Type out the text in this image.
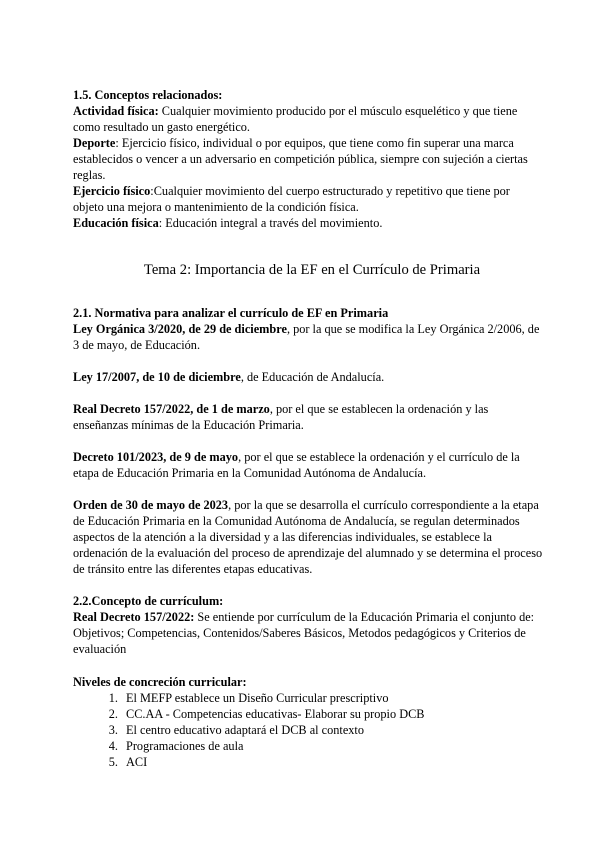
1.5. Conceptos relacionados:

Actividad física: Cualquier movimiento producido por el músculo esquelético y que tiene como resultado un gasto energético.

Deporte: Ejercicio físico, individual o por equipos, que tiene como fin superar una marca establecidos o vencer a un adversario en competición pública, siempre con sujeción a ciertas reglas.

Ejercicio físico:Cualquier movimiento del cuerpo estructurado y repetitivo que tiene por objeto una mejora o mantenimiento de la condición física.

Educación física: Educación integral a través del movimiento.

Tema 2: Importancia de la EF en el Currículo de Primaria

2.1. Normativa para analizar el currículo de EF en Primaria

Ley Orgánica 3/2020, de 29 de diciembre, por la que se modifica la Ley Orgánica 2/2006, de 3 de mayo, de Educación.

Ley 17/2007, de 10 de diciembre, de Educación de Andalucía.

Real Decreto 157/2022, de 1 de marzo, por el que se establecen la ordenación y las enseñanzas mínimas de la Educación Primaria.

Decreto 101/2023, de 9 de mayo, por el que se establece la ordenación y el currículo de la etapa de Educación Primaria en la Comunidad Autónoma de Andalucía.

Orden de 30 de mayo de 2023, por la que se desarrolla el currículo correspondiente a la etapa de Educación Primaria en la Comunidad Autónoma de Andalucía, se regulan determinados aspectos de la atención a la diversidad y a las diferencias individuales, se establece la ordenación de la evaluación del proceso de aprendizaje del alumnado y se determina el proceso de tránsito entre las diferentes etapas educativas.

2.2.Concepto de currículum:

Real Decreto 157/2022: Se entiende por currículum de la Educación Primaria el conjunto de: Objetivos; Competencias, Contenidos/Saberes Básicos, Metodos pedagógicos y Criterios de evaluación

Niveles de concreción curricular:

1. El MEFP establece un Diseño Curricular prescriptivo
2. CC.AA - Competencias educativas- Elaborar su propio DCB
3. El centro educativo adaptará el DCB al contexto
4. Programaciones de aula
5. ACI
